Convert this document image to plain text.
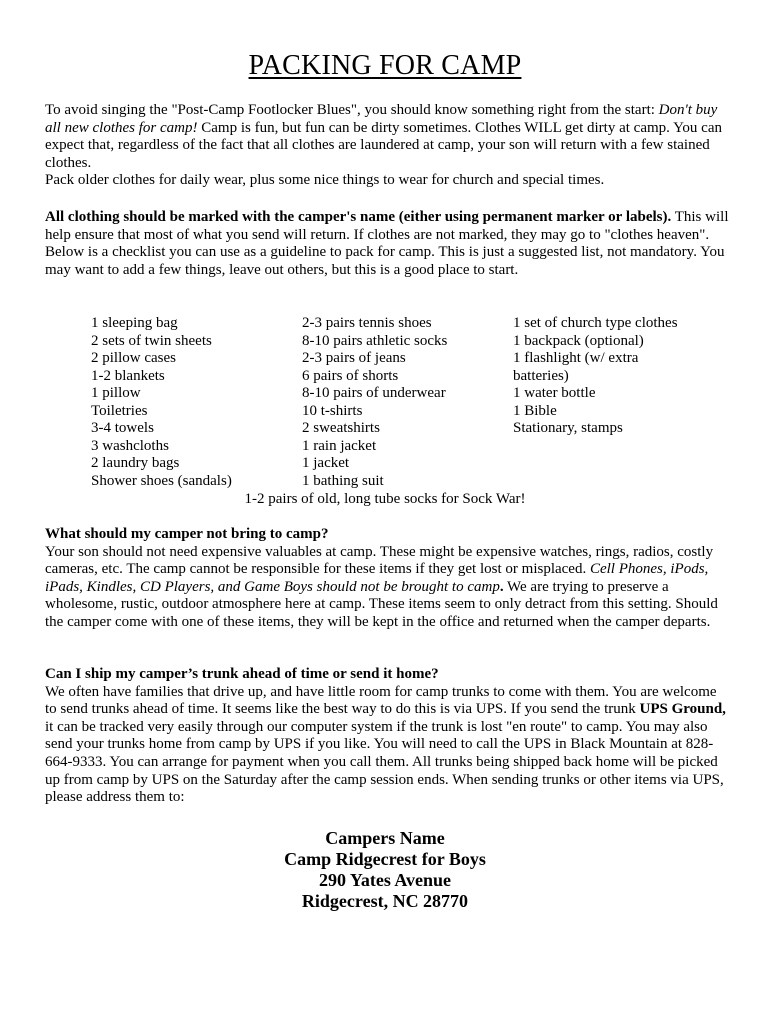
PACKING FOR CAMP
To avoid singing the "Post-Camp Footlocker Blues", you should know something right from the start: Don't buy all new clothes for camp! Camp is fun, but fun can be dirty sometimes. Clothes WILL get dirty at camp. You can expect that, regardless of the fact that all clothes are laundered at camp, your son will return with a few stained clothes.
Pack older clothes for daily wear, plus some nice things to wear for church and special times.
All clothing should be marked with the camper's name (either using permanent marker or labels). This will help ensure that most of what you send will return. If clothes are not marked, they may go to "clothes heaven". Below is a checklist you can use as a guideline to pack for camp. This is just a suggested list, not mandatory. You may want to add a few things, leave out others, but this is a good place to start.
1 sleeping bag
2 sets of twin sheets
2 pillow cases
1-2 blankets
1 pillow
Toiletries
3-4 towels
3 washcloths
2 laundry bags
Shower shoes (sandals)
2-3 pairs tennis shoes
8-10 pairs athletic socks
2-3 pairs of jeans
6 pairs of shorts
8-10 pairs of underwear
10 t-shirts
2 sweatshirts
1 rain jacket
1 jacket
1 bathing suit
1 set of church type clothes
1 backpack (optional)
1 flashlight (w/ extra batteries)
1 water bottle
1 Bible
Stationary, stamps
1-2 pairs of old, long tube socks for Sock War!
What should my camper not bring to camp?
Your son should not need expensive valuables at camp. These might be expensive watches, rings, radios, costly cameras, etc. The camp cannot be responsible for these items if they get lost or misplaced. Cell Phones, iPods, iPads, Kindles, CD Players, and Game Boys should not be brought to camp. We are trying to preserve a wholesome, rustic, outdoor atmosphere here at camp. These items seem to only detract from this setting. Should the camper come with one of these items, they will be kept in the office and returned when the camper departs.
Can I ship my camper’s trunk ahead of time or send it home?
We often have families that drive up, and have little room for camp trunks to come with them. You are welcome to send trunks ahead of time. It seems like the best way to do this is via UPS. If you send the trunk UPS Ground, it can be tracked very easily through our computer system if the trunk is lost "en route" to camp. You may also send your trunks home from camp by UPS if you like. You will need to call the UPS in Black Mountain at 828-664-9333. You can arrange for payment when you call them. All trunks being shipped back home will be picked up from camp by UPS on the Saturday after the camp session ends. When sending trunks or other items via UPS, please address them to:
Campers Name
Camp Ridgecrest for Boys
290 Yates Avenue
Ridgecrest, NC 28770
